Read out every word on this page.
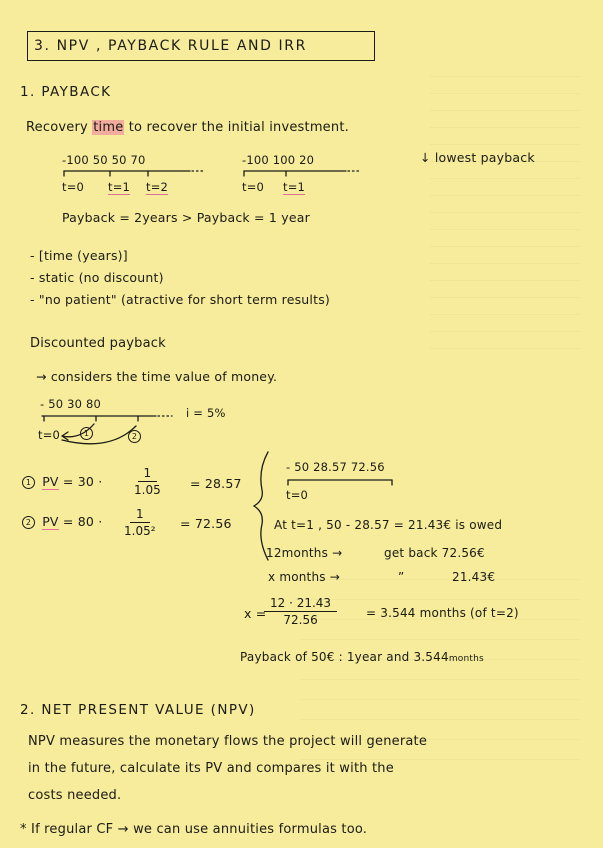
3. NPV , PAYBACK RULE AND IRR
1. PAYBACK
Recovery time to recover the initial investment.
-100 50 50 70
t=0 t=1 t=2
-100 100 20
t=0 t=1
↓ lowest payback
Payback = 2years > Payback = 1 year
- [time (years)]
- static (no discount)
- "no patient" (atractive for short term results)
Discounted payback
→ considers the time value of money.
- 50 30 80
i = 5%
t=0	1	2
1 PV = 30 ·	$\frac{1}{1.05} = 28.57$
2 PV = $80 \cdot \frac{1}{\text{1.05²}} = 72.56$
- 50 28.57 72.56
t=0
At t=1 , 50 - 28.57 = 21.43€ is owed
12months →	get back 72.56€
x months →	”	21.43€
x =
$\frac{12 \cdot 21.43}{72.56} = 3.544$ months (of t=2)
Payback of 50€ : 1year and 3.544months
2. NET PRESENT VALUE (NPV)
NPV measures the monetary flows the project will generate
in the future, calculate its PV and compares it with the
costs needed.
* If regular CF → we can use annuities formulas too.
